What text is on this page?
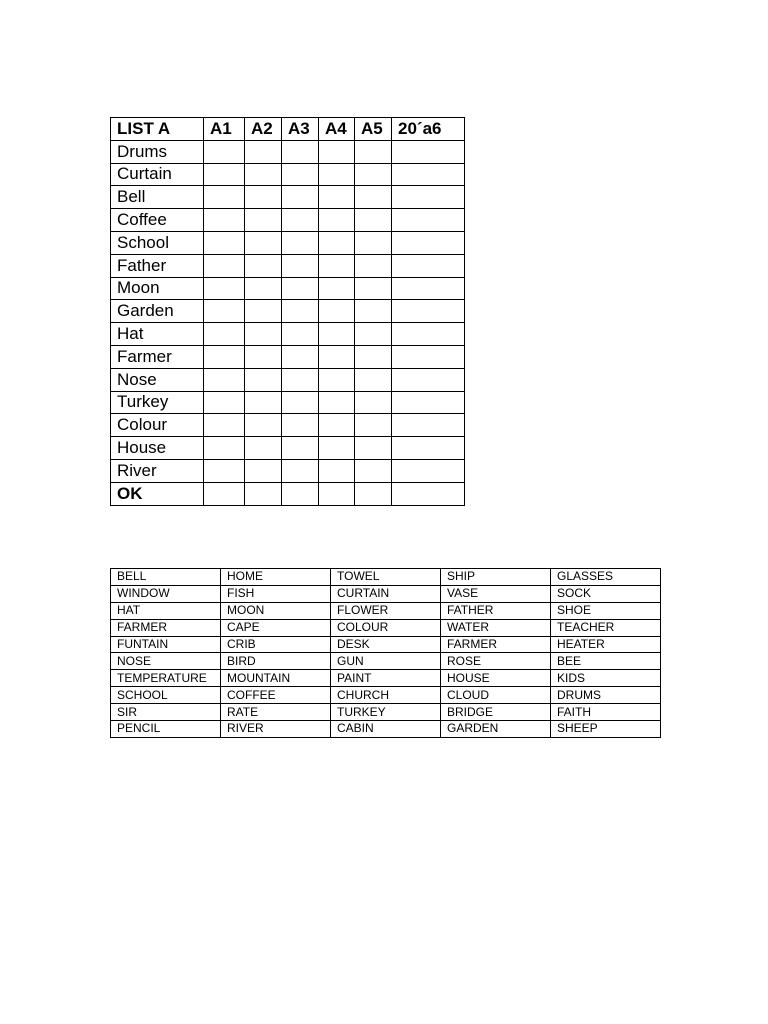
LIST A	A1	A2	A3	A4	A5	20´a6
Drums						
Curtain						
Bell						
Coffee						
School						
Father						
Moon						
Garden						
Hat						
Farmer						
Nose						
Turkey						
Colour						
House						
River						
OK						
BELL	HOME	TOWEL	SHIP	GLASSES
WINDOW	FISH	CURTAIN	VASE	SOCK
HAT	MOON	FLOWER	FATHER	SHOE
FARMER	CAPE	COLOUR	WATER	TEACHER
FUNTAIN	CRIB	DESK	FARMER	HEATER
NOSE	BIRD	GUN	ROSE	BEE
TEMPERATURE	MOUNTAIN	PAINT	HOUSE	KIDS
SCHOOL	COFFEE	CHURCH	CLOUD	DRUMS
SIR	RATE	TURKEY	BRIDGE	FAITH
PENCIL	RIVER	CABIN	GARDEN	SHEEP
